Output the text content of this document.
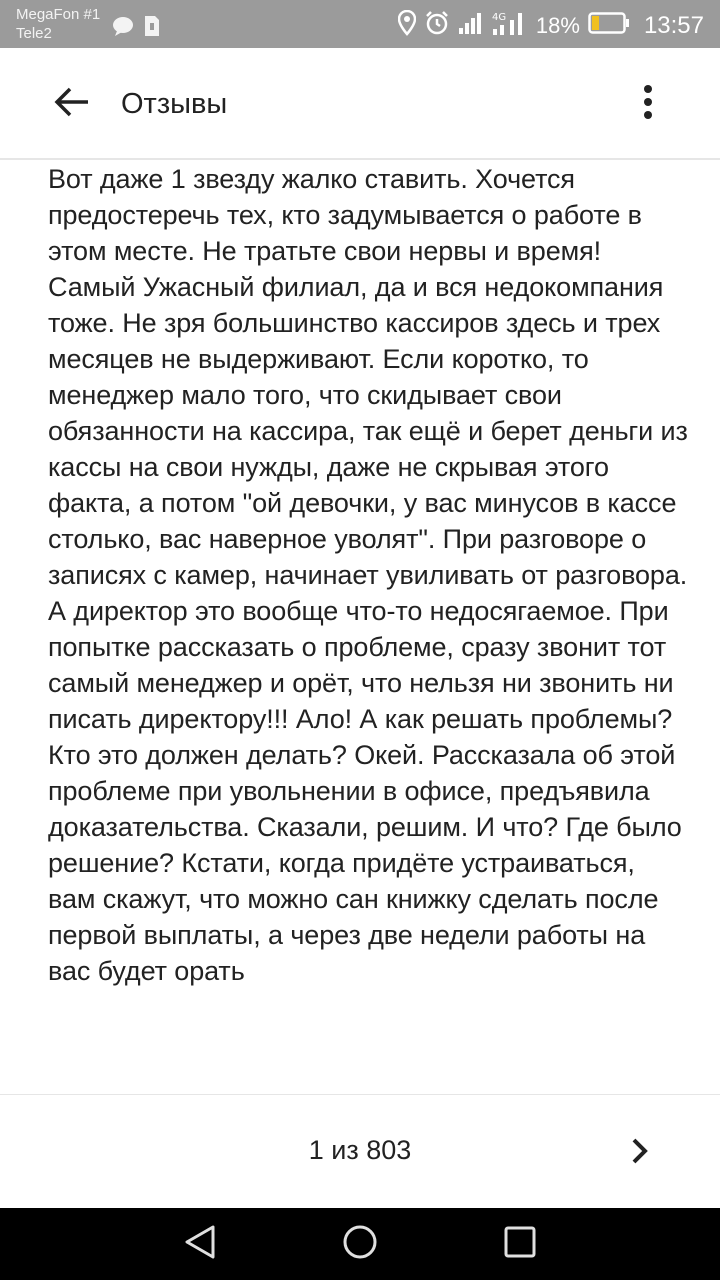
MegaFon #1
Tele2
4G 18%	13:57
Отзывы
Вот даже 1 звезду жалко ставить. Хочется предостеречь тех, кто задумывается о работе в этом месте. Не тратьте свои нервы и время! Самый Ужасный филиал, да и вся недокомпания тоже. Не зря большинство кассиров здесь и трех месяцев не выдерживают. Если коротко, то менеджер мало того, что скидывает свои обязанности на кассира, так ещё и берет деньги из кассы на свои нужды, даже не скрывая этого факта, а потом "ой девочки, у вас минусов в кассе столько, вас наверное уволят". При разговоре о записях с камер, начинает увиливать от разговора. А директор это вообще что-то недосягаемое. При попытке рассказать о проблеме, сразу звонит тот самый менеджер и орёт, что нельзя ни звонить ни писать директору!!! Ало! А как решать проблемы? Кто это должен делать? Окей. Рассказала об этой проблеме при увольнении в офисе, предъявила доказательства. Сказали, решим. И что? Где было решение? Кстати, когда придёте устраиваться, вам скажут, что можно сан книжку сделать после первой выплаты, а через две недели работы на вас будет орать
1 из 803
